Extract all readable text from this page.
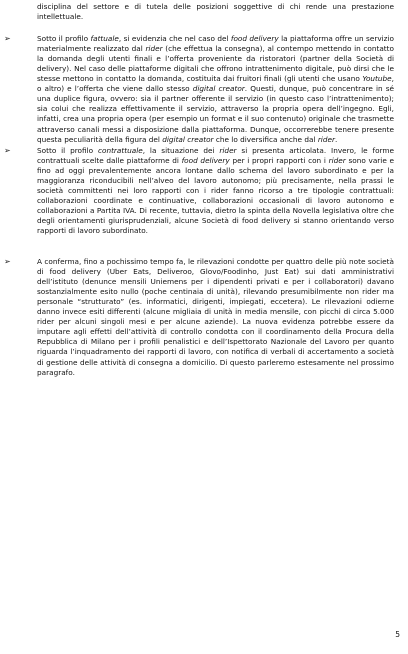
disciplina del settore e di tutela delle posizioni soggettive di chi rende una prestazione intellettuale.

➢	Sotto il profilo fattuale, si evidenzia che nel caso del food delivery la piattaforma offre un servizio materialmente realizzato dal rider (che effettua la consegna), al contempo mettendo in contatto la domanda degli utenti finali e l’offerta proveniente da ristoratori (partner della Società di delivery). Nel caso delle piattaforme digitali che offrono intrattenimento digitale, può dirsi che le stesse mettono in contatto la domanda, costituita dai fruitori finali (gli utenti che usano Youtube, o altro) e l’offerta che viene dallo stesso digital creator. Questi, dunque, può concentrare in sé una duplice figura, ovvero: sia il partner offerente il servizio (in questo caso l’intrattenimento); sia colui che realizza effettivamente il servizio, attraverso la propria opera dell’ingegno. Egli, infatti, crea una propria opera (per esempio un format e il suo contenuto) originale che trasmette attraverso canali messi a disposizione dalla piattaforma. Dunque, occorrerebbe tenere presente questa peculiarità della figura del digital creator che lo diversifica anche dal rider.
➢	Sotto il profilo contrattuale, la situazione dei rider si presenta articolata. Invero, le forme contrattuali scelte dalle piattaforme di food delivery per i propri rapporti con i rider sono varie e fino ad oggi prevalentemente ancora lontane dallo schema del lavoro subordinato e per la maggioranza riconducibili nell’alveo del lavoro autonomo; più precisamente, nella prassi le società committenti nei loro rapporti con i rider fanno ricorso a tre tipologie contrattuali: collaborazioni coordinate e continuative, collaborazioni occasionali di lavoro autonomo e collaborazioni a Partita IVA. Di recente, tuttavia, dietro la spinta della Novella legislativa oltre che degli orientamenti giurisprudenziali, alcune Società di food delivery si stanno orientando verso rapporti di lavoro subordinato.
➢	A conferma, fino a pochissimo tempo fa, le rilevazioni condotte per quattro delle più note società di food delivery (Uber Eats, Deliveroo, Glovo/Foodinho, Just Eat) sui dati amministrativi dell’istituto (denunce mensili Uniemens per i dipendenti privati e per i collaboratori) davano sostanzialmente esito nullo (poche centinaia di unità), rilevando presumibilmente non rider ma personale “strutturato” (es. informatici, dirigenti, impiegati, eccetera). Le rilevazioni odierne danno invece esiti differenti (alcune migliaia di unità in media mensile, con picchi di circa 5.000 rider per alcuni singoli mesi e per alcune aziende). La nuova evidenza potrebbe essere da imputare agli effetti dell’attività di controllo condotta con il coordinamento della Procura della Repubblica di Milano per i profili penalistici e dell’Ispettorato Nazionale del Lavoro per quanto riguarda l’inquadramento dei rapporti di lavoro, con notifica di verbali di accertamento a società di gestione delle attività di consegna a domicilio. Di questo parleremo estesamente nel prossimo paragrafo.
5
